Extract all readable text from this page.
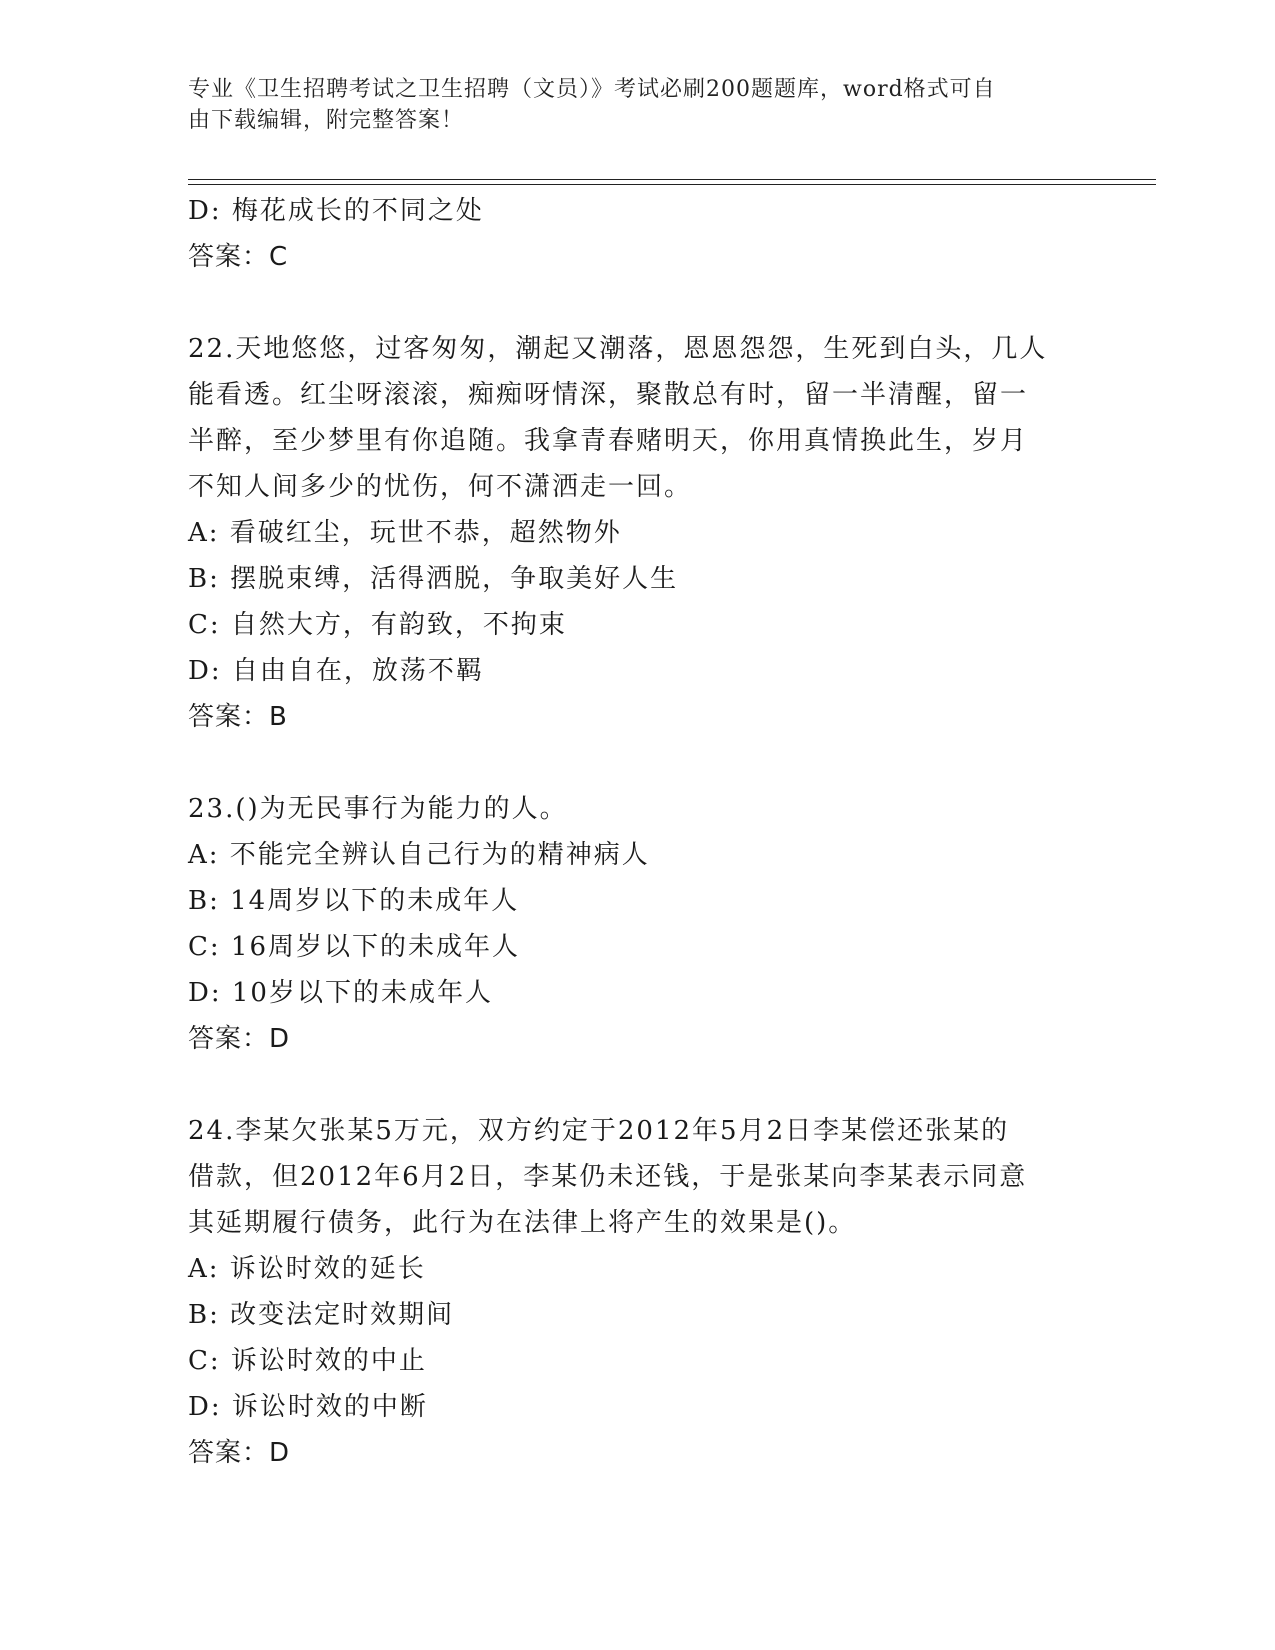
专业《卫生招聘考试之卫生招聘（文员）》考试必刷200题题库，word格式可自
由下载编辑，附完整答案！
D: 梅花成长的不同之处
答案：C
22.天地悠悠，过客匆匆，潮起又潮落，恩恩怨怨，生死到白头，几人
能看透。红尘呀滚滚，痴痴呀情深，聚散总有时，留一半清醒，留一
半醉，至少梦里有你追随。我拿青春赌明天，你用真情换此生，岁月
不知人间多少的忧伤，何不潇洒走一回。
A: 看破红尘，玩世不恭，超然物外
B: 摆脱束缚，活得洒脱，争取美好人生
C: 自然大方，有韵致，不拘束
D: 自由自在，放荡不羁
答案：B
23.()为无民事行为能力的人。
A: 不能完全辨认自己行为的精神病人
B: 14周岁以下的未成年人
C: 16周岁以下的未成年人
D: 10岁以下的未成年人
答案：D
24.李某欠张某5万元，双方约定于2012年5月2日李某偿还张某的
借款，但2012年6月2日，李某仍未还钱，于是张某向李某表示同意
其延期履行债务，此行为在法律上将产生的效果是()。
A: 诉讼时效的延长
B: 改变法定时效期间
C: 诉讼时效的中止
D: 诉讼时效的中断
答案：D
